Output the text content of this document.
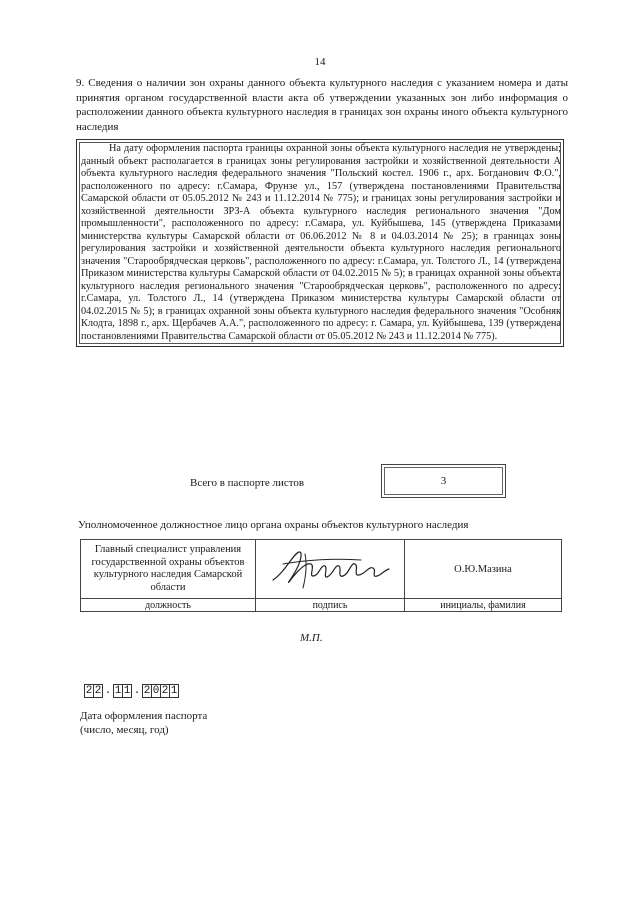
14
9. Сведения о наличии зон охраны данного объекта культурного наследия с указанием номера и даты принятия органом государственной власти акта об утверждении указанных зон либо информация о расположении данного объекта культурного наследия в границах зон охраны иного объекта культурного наследия

На дату оформления паспорта границы охранной зоны объекта культурного наследия не утверждены; данный объект располагается в границах зоны регулирования застройки и хозяйственной деятельности А объекта культурного наследия федерального значения "Польский костел. 1906 г., арх. Богданович Ф.О.", расположенного по адресу: г.Самара, Фрунзе ул., 157 (утверждена постановлениями Правительства Самарской области от 05.05.2012 № 243 и 11.12.2014 № 775); и границах зоны регулирования застройки и хозяйственной деятельности ЗРЗ-А объекта культурного наследия регионального значения "Дом промышленности", расположенного по адресу: г.Самара, ул. Куйбышева, 145 (утверждена Приказами министерства культуры Самарской области от 06.06.2012 № 8 и 04.03.2014 № 25); в границах зоны регулирования застройки и хозяйственной деятельности объекта культурного наследия регионального значения "Старообрядческая церковь", расположенного по адресу: г.Самара, ул. Толстого Л., 14 (утверждена Приказом министерства культуры Самарской области от 04.02.2015 № 5); в границах охранной зоны объекта культурного наследия регионального значения "Старообрядческая церковь", расположенного по адресу: г.Самара, ул. Толстого Л., 14 (утверждена Приказом министерства культуры Самарской области от 04.02.2015 № 5); в границах охранной зоны объекта культурного наследия федерального значения "Особняк Клодта, 1898 г., арх. Щербачев А.А.", расположенного по адресу: г. Самара, ул. Куйбышева, 139 (утверждена постановлениями Правительства Самарской области от 05.05.2012 № 243 и 11.12.2014 № 775).

Всего в паспорте листов	3
Уполномоченное должностное лицо органа охраны объектов культурного наследия
Главный специалист управления государственной охраны объектов культурного наследия Самарской области		О.Ю.Мазина
должность	подпись	инициалы, фамилия
М.П.
2 2 . 1 1 . 2 0 2 1
Дата оформления паспорта
(число, месяц, год)
